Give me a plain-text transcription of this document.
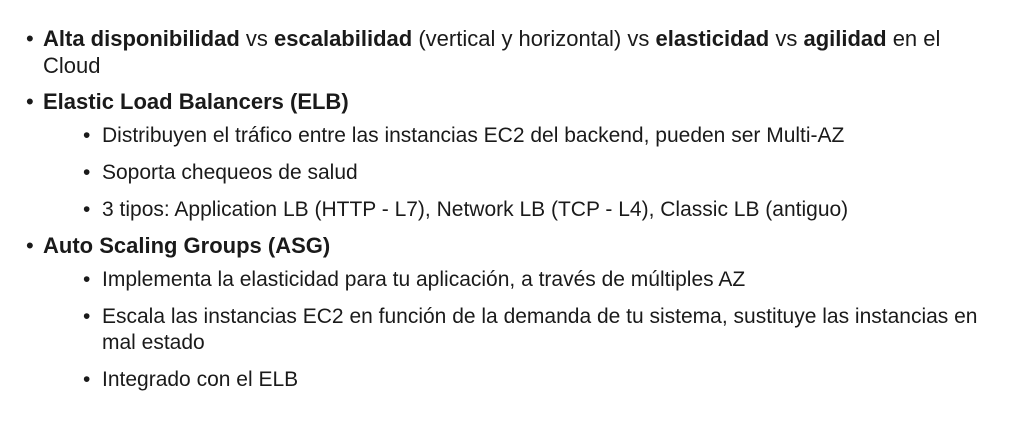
• Alta disponibilidad vs escalabilidad (vertical y horizontal) vs elasticidad vs agilidad en el Cloud
• Elastic Load Balancers (ELB)
• Distribuyen el tráfico entre las instancias EC2 del backend, pueden ser Multi-AZ
• Soporta chequeos de salud
• 3 tipos: Application LB (HTTP - L7), Network LB (TCP - L4), Classic LB (antiguo)
• Auto Scaling Groups (ASG)
• Implementa la elasticidad para tu aplicación, a través de múltiples AZ
• Escala las instancias EC2 en función de la demanda de tu sistema, sustituye las instancias en mal estado
• Integrado con el ELB
